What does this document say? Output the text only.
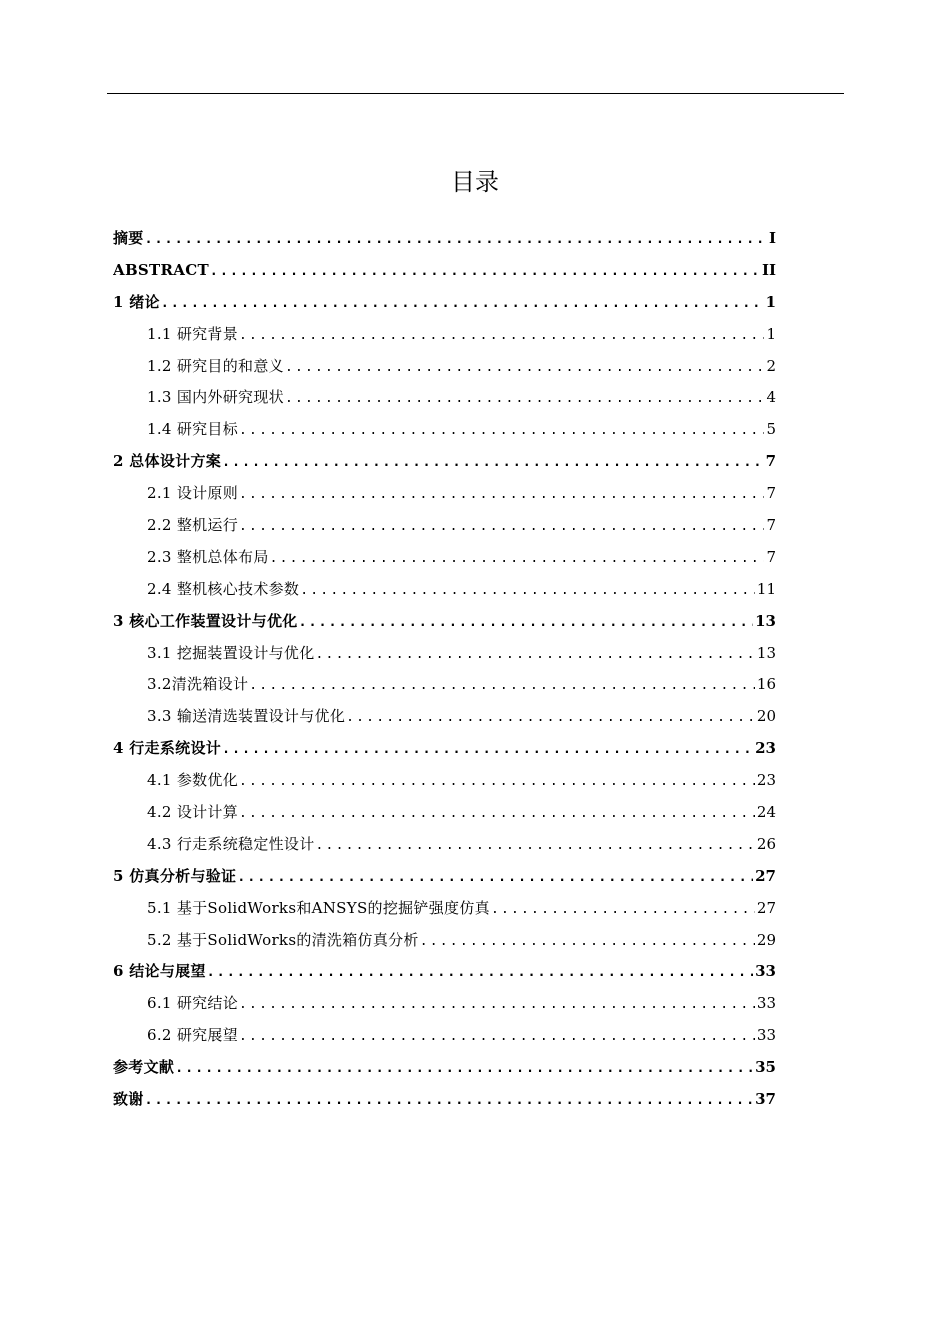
目录
摘要 .....	I
ABSTRACT .....	II
1 绪论 .....	1
1.1 研究背景 .....	1
1.2 研究目的和意义 .....	2
1.3 国内外研究现状 .....	4
1.4 研究目标 .....	5
2 总体设计方案 .....	7
2.1 设计原则 .....	7
2.2 整机运行 .....	7
2.3 整机总体布局 .....	7
2.4 整机核心技术参数 .....	11
3 核心工作装置设计与优化 .....	13
3.1 挖掘装置设计与优化 .....	13
3.2清洗箱设计 .....	16
3.3 输送清选装置设计与优化 .....	20
4 行走系统设计 .....	23
4.1 参数优化 .....	23
4.2 设计计算 .....	24
4.3 行走系统稳定性设计 .....	26
5 仿真分析与验证 .....	27
5.1 基于SolidWorks和ANSYS的挖掘铲强度仿真 .....	27
5.2 基于SolidWorks的清洗箱仿真分析 .....	29
6 结论与展望 .....	33
6.1 研究结论 .....	33
6.2 研究展望 .....	33
参考文献 .....	35
致谢 .....	37
